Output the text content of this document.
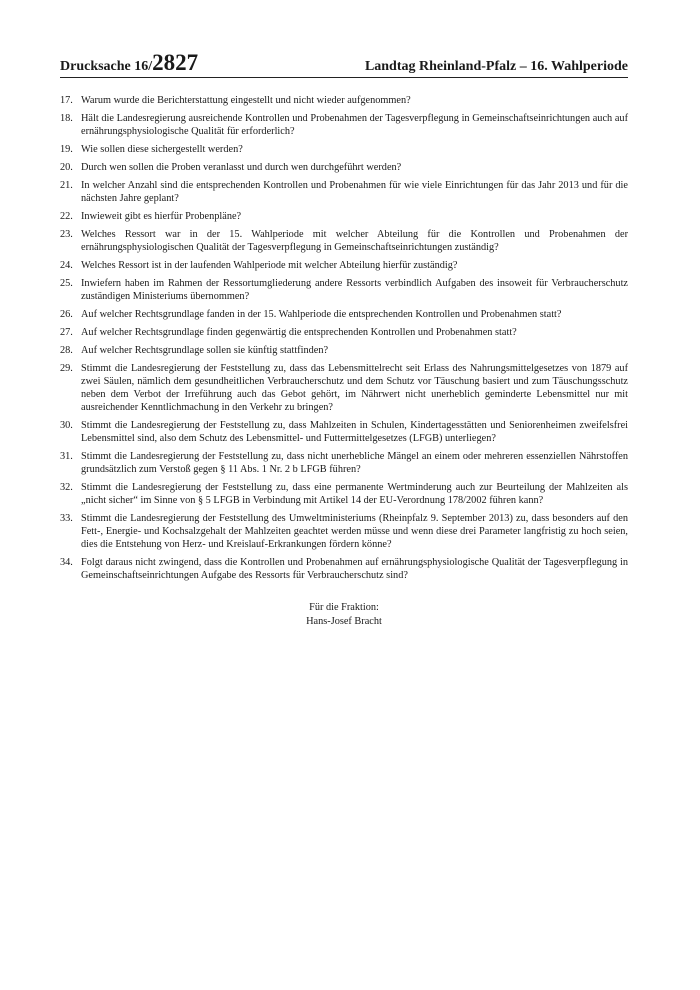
Drucksache 16/2827	Landtag Rheinland-Pfalz – 16. Wahlperiode
17. Warum wurde die Berichterstattung eingestellt und nicht wieder aufgenommen?
18. Hält die Landesregierung ausreichende Kontrollen und Probenahmen der Tagesverpflegung in Gemeinschaftseinrichtungen auch auf ernährungsphysiologische Qualität für erforderlich?
19. Wie sollen diese sichergestellt werden?
20. Durch wen sollen die Proben veranlasst und durch wen durchgeführt werden?
21. In welcher Anzahl sind die entsprechenden Kontrollen und Probenahmen für wie viele Einrichtungen für das Jahr 2013 und für die nächsten Jahre geplant?
22. Inwieweit gibt es hierfür Probenpläne?
23. Welches Ressort war in der 15. Wahlperiode mit welcher Abteilung für die Kontrollen und Probenahmen der ernährungsphysiologischen Qualität der Tagesverpflegung in Gemeinschaftseinrichtungen zuständig?
24. Welches Ressort ist in der laufenden Wahlperiode mit welcher Abteilung hierfür zuständig?
25. Inwiefern haben im Rahmen der Ressortumgliederung andere Ressorts verbindlich Aufgaben des insoweit für Verbraucherschutz zuständigen Ministeriums übernommen?
26. Auf welcher Rechtsgrundlage fanden in der 15. Wahlperiode die entsprechenden Kontrollen und Probenahmen statt?
27. Auf welcher Rechtsgrundlage finden gegenwärtig die entsprechenden Kontrollen und Probenahmen statt?
28. Auf welcher Rechtsgrundlage sollen sie künftig stattfinden?
29. Stimmt die Landesregierung der Feststellung zu, dass das Lebensmittelrecht seit Erlass des Nahrungsmittelgesetzes von 1879 auf zwei Säulen, nämlich dem gesundheitlichen Verbraucherschutz und dem Schutz vor Täuschung basiert und zum Täuschungsschutz neben dem Verbot der Irreführung auch das Gebot gehört, im Nährwert nicht unerheblich geminderte Lebensmittel nur mit ausreichender Kenntlichmachung in den Verkehr zu bringen?
30. Stimmt die Landesregierung der Feststellung zu, dass Mahlzeiten in Schulen, Kindertagesstätten und Seniorenheimen zweifelsfrei Lebensmittel sind, also dem Schutz des Lebensmittel- und Futtermittelgesetzes (LFGB) unterliegen?
31. Stimmt die Landesregierung der Feststellung zu, dass nicht unerhebliche Mängel an einem oder mehreren essenziellen Nährstoffen grundsätzlich zum Verstoß gegen § 11 Abs. 1 Nr. 2 b LFGB führen?
32. Stimmt die Landesregierung der Feststellung zu, dass eine permanente Wertminderung auch zur Beurteilung der Mahlzeiten als „nicht sicher“ im Sinne von § 5 LFGB in Verbindung mit Artikel 14 der EU-Verordnung 178/2002 führen kann?
33. Stimmt die Landesregierung der Feststellung des Umweltministeriums (Rheinpfalz 9. September 2013) zu, dass besonders auf den Fett-, Energie- und Kochsalzgehalt der Mahlzeiten geachtet werden müsse und wenn diese drei Parameter langfristig zu hoch seien, dies die Entstehung von Herz- und Kreislauf-Erkrankungen fördern könne?
34. Folgt daraus nicht zwingend, dass die Kontrollen und Probenahmen auf ernährungsphysiologische Qualität der Tagesverpflegung in Gemeinschaftseinrichtungen Aufgabe des Ressorts für Verbraucherschutz sind?
Für die Fraktion:
Hans-Josef Bracht
